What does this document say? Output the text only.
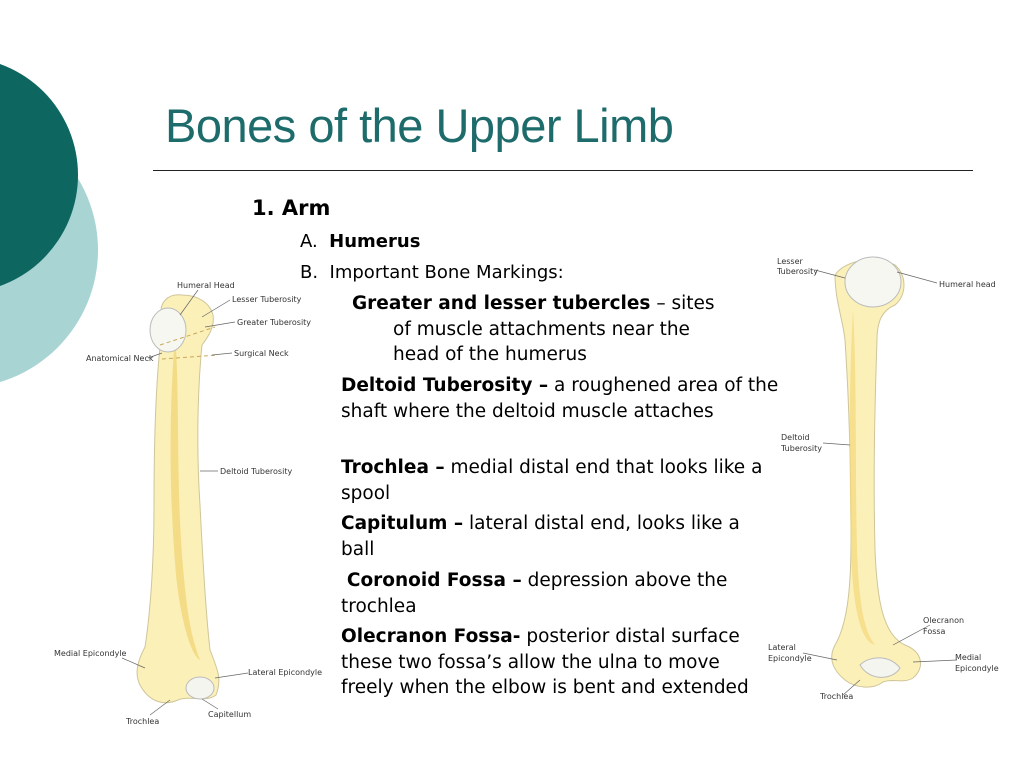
Bones of the Upper Limb
Humeral Head
Lesser Tuberosity
Greater Tuberosity
Anatomical Neck
Surgical Neck
Deltoid Tuberosity
Medial Epicondyle
Lateral Epicondyle
Trochlea
Capitellum
Lesser
Tuberosity
Humeral head
Deltoid
Tuberosity
Olecranon
Fossa
Lateral
Epicondyle	Medial
Epicondyle
Trochlea
1. Arm
A. Humerus
B. Important Bone Markings:
Greater and lesser tubercles – sites
of muscle attachments near the
head of the humerus
Deltoid Tuberosity – a roughened area of the shaft where the deltoid muscle attaches
Trochlea – medial distal end that looks like a spool
Capitulum – lateral distal end, looks like a ball
Coronoid Fossa – depression above the trochlea
Olecranon Fossa- posterior distal surface these two fossa’s allow the ulna to move freely when the elbow is bent and extended
